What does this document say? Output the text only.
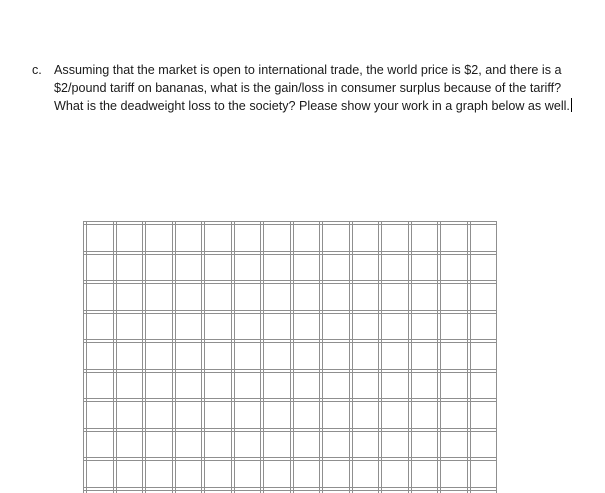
c. Assuming that the market is open to international trade, the world price is $2, and there is a $2/pound tariff on bananas, what is the gain/loss in consumer surplus because of the tariff? What is the deadweight loss to the society? Please show your work in a graph below as well.
